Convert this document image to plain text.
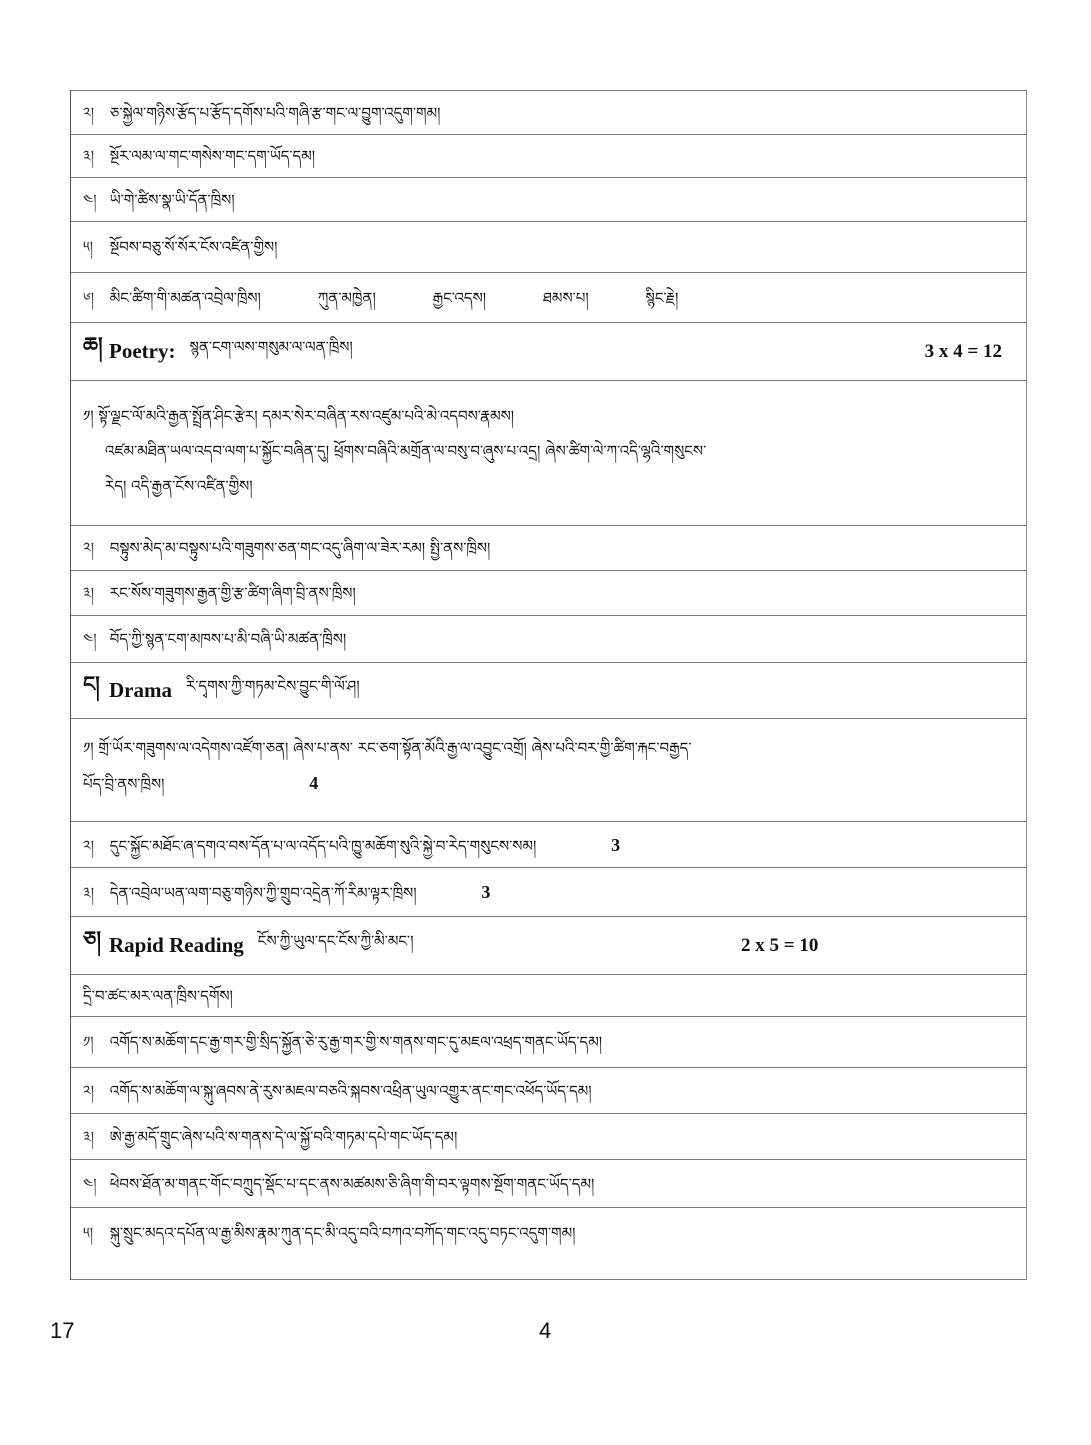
༢། ཅ་སྐྱེལ་གཉིས་རྩོད་པ་རྩོད་དགོས་པའི་གཞི་རྩ་གང་ལ་བྱུག་འདུག་གམ།
༣། སྔོར་ལམ་ལ་གང་གསེས་གང་དག་ཡོད་དམ།
༤། ཡི་གེ་ཚིས་སྣ་ཡི་དོན་ཁྲིས།
༥། སྔོབས་བཅུ་སོ་སོར་ངོས་འཛིན་གྱིས།
༦། མིང་ཚིག་གི་མཚན་འབྲེལ་ཁྲིས།	ཀུན་མཁྱེན།	རྒྱང་འདས།	ཐམས་པ།	སྙིང་རྗེ།
ཆ། Poetry: སྙན་ངག་ལས་གསུམ་ལ་ལན་ཁྲིས།	3 x 4 = 12
༡། སྟོ་ལྗང་ལོ་མའི་རྒྱན་སྤྲོན་ཤིང་རྩེར། དམར་སེར་བཞིན་རས་འཛུམ་པའི་མེ་འདབས་རྣམས།
འཛམ་མཐིན་ཡལ་འདབ་ལག་པ་སྐྱོང་བཞིན་དུ། ཕྲོགས་བཞིའི་མགྲོན་ལ་བསུ་བ་ཞུས་པ་འདྲ། ཞེས་ཚིག་ལེ་ཀ་འདི་ལྷའི་གསུངས་
རེད། འདི་རྒྱན་ངོས་འཛིན་གྱིས།
༢། བསྟུས་མེད་མ་བསྟུས་པའི་གཟུགས་ཅན་གང་འདུ་ཞིག་ལ་ཟེར་རམ། སྤྱི་ནས་ཁྲིས།
༣། རང་སོས་གཟུགས་རྒྱན་གྱི་རྩ་ཚིག་ཞིག་བྲི་ནས་ཁྲིས།
༤། བོད་ཀྱི་སྙན་ངག་མཁས་པ་མི་བཞི་ཡི་མཚན་ཁྲིས།
ང། Drama རི་དྭགས་ཀྱི་གཏམ་ངེས་བྱུང་གི་ལོ་ཤ།
༡། གྲོ་ཡོར་གཟུགས་ལ་འདེགས་འཛོག་ཅན། ཞེས་པ་ནས་ རང་ཅག་སྟོན་མོའི་རྒྱ་ལ་འབྱུང་འགྲོ། ཞེས་པའི་བར་གྱི་ཚིག་རྐང་བརྒྱད་
པོད་བྲི་ནས་ཁྲིས།	4
༢། དུང་སྐྱོང་མཐོང་ཞ་དགའ་བས་དོན་པ་ལ་འདོད་པའི་ཁྱུ་མཆོག་སུའི་སྐྱེ་བ་རེད་གསུངས་སམ།	3
༣། དེན་འབྲེལ་ཡན་ལག་བཅུ་གཉིས་ཀྱི་གྲུབ་འདྲེན་ཀོ་རིམ་ལྟར་ཁྲིས།	3
ཅ། Rapid Reading ངོས་ཀྱི་ཡུལ་དང་ངོས་ཀྱི་མི་མང་།	2 x 5 = 10
དྲི་བ་ཚང་མར་ལན་ཁྲིས་དགོས།
༡། འགོད་ས་མཆོག་དང་རྒྱ་གར་གྱི་སྲིད་སྐྱོན་ཅེ་རུ་རྒྱ་གར་གྱི་ས་གནས་གང་དུ་མཇལ་འཕྲད་གནང་ཡོད་དམ།
༢། འགོད་ས་མཆོག་ལ་སྐུ་ཞབས་ནེ་རུས་མཇལ་བཅའི་སྐབས་འཕྲིན་ཡུལ་འགྱུར་ནང་གང་འཕོད་ཡོད་དམ།
༣། ཨེ་རྒྱ་མདོ་གྲུང་ཞེས་པའི་ས་གནས་དེ་ལ་སྐྱོ་བའི་གཏམ་དཔེ་གང་ཡོད་དམ།
༤། ཕེབས་ཐོན་མ་གནང་གོང་བཀྲུད་སྡོང་པ་དང་ནས་མཚམས་ཅི་ཞིག་གི་བར་ལྟགས་སྔོག་གནང་ཡོད་དམ།
༥། སྐུ་སྲུང་མདའ་དཔོན་ལ་རྒྱ་མིས་རྣམ་ཀུན་དང་མི་འདུ་བའི་བཀའ་བཀོད་གང་འདུ་བཏང་འདུག་གམ།
17	4
